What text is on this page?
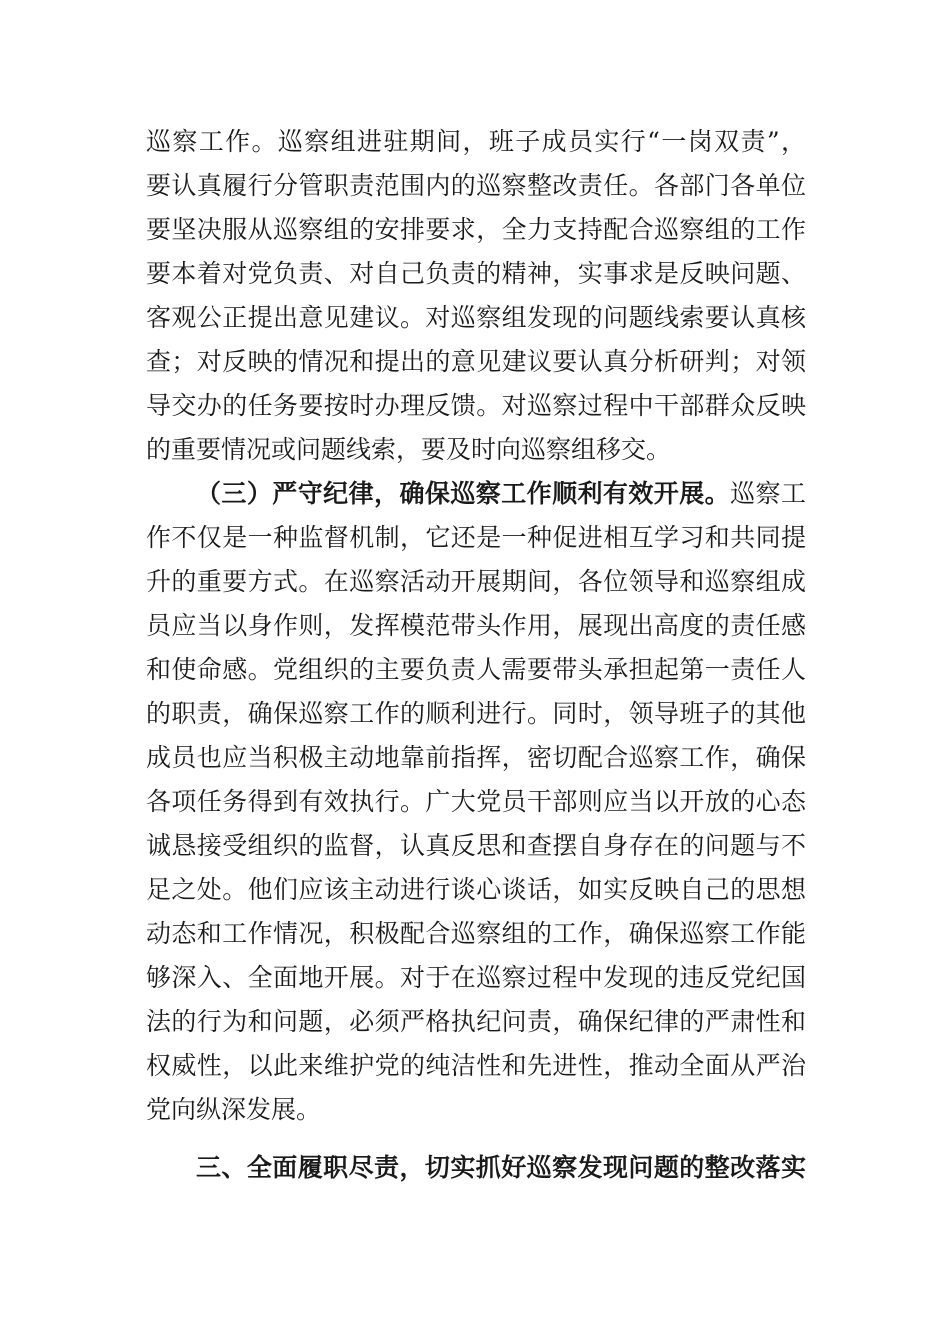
巡察工作。巡察组进驻期间，班子成员实行“一岗双责”，
要认真履行分管职责范围内的巡察整改责任。各部门各单位
要坚决服从巡察组的安排要求，全力支持配合巡察组的工作
要本着对党负责、对自己负责的精神，实事求是反映问题、
客观公正提出意见建议。对巡察组发现的问题线索要认真核
查；对反映的情况和提出的意见建议要认真分析研判；对领
导交办的任务要按时办理反馈。对巡察过程中干部群众反映
的重要情况或问题线索，要及时向巡察组移交。
（三）严守纪律，确保巡察工作顺利有效开展。巡察工
作不仅是一种监督机制，它还是一种促进相互学习和共同提
升的重要方式。在巡察活动开展期间，各位领导和巡察组成
员应当以身作则，发挥模范带头作用，展现出高度的责任感
和使命感。党组织的主要负责人需要带头承担起第一责任人
的职责，确保巡察工作的顺利进行。同时，领导班子的其他
成员也应当积极主动地靠前指挥，密切配合巡察工作，确保
各项任务得到有效执行。广大党员干部则应当以开放的心态
诚恳接受组织的监督，认真反思和查摆自身存在的问题与不
足之处。他们应该主动进行谈心谈话，如实反映自己的思想
动态和工作情况，积极配合巡察组的工作，确保巡察工作能
够深入、全面地开展。对于在巡察过程中发现的违反党纪国
法的行为和问题，必须严格执纪问责，确保纪律的严肃性和
权威性，以此来维护党的纯洁性和先进性，推动全面从严治
党向纵深发展。
三、全面履职尽责，切实抓好巡察发现问题的整改落实
